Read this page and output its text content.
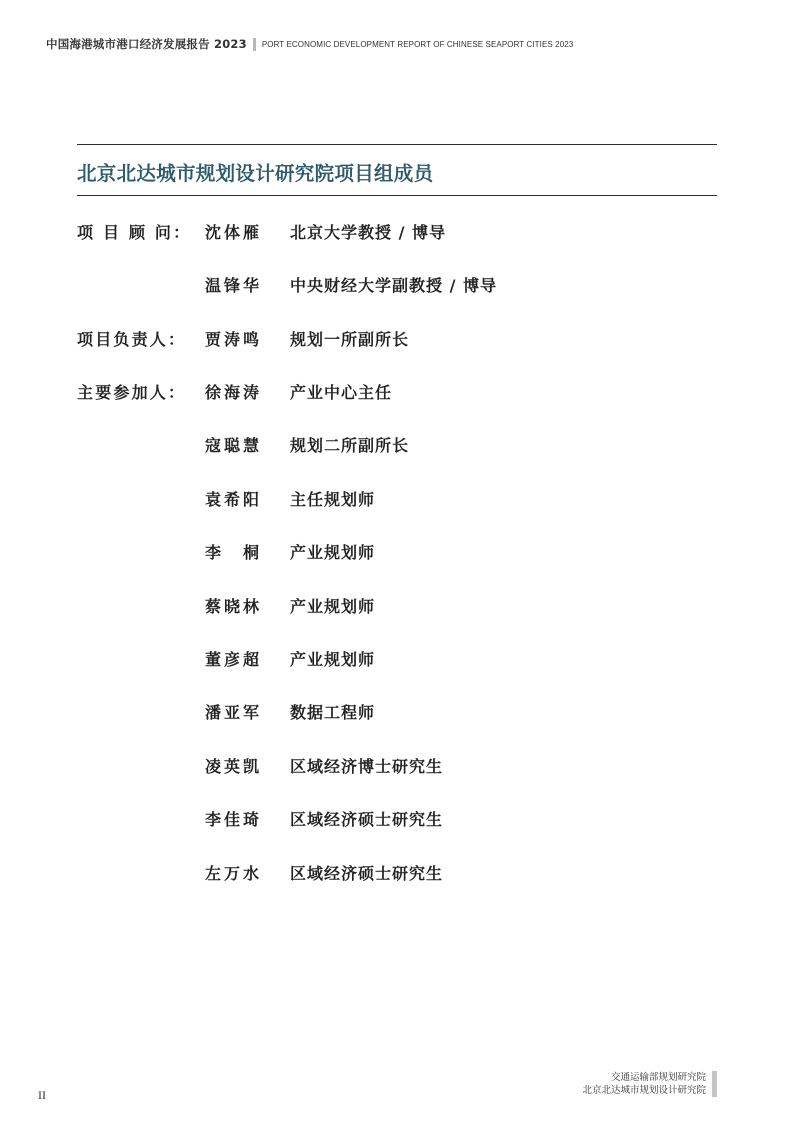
中国海港城市港口经济发展报告 2023 PORT ECONOMIC DEVELOPMENT REPORT OF CHINESE SEAPORT CITIES 2023
北京北达城市规划设计研究院项目组成员
项 目 顾 问： 沈体雁 北京大学教授 / 博导
温锋华 中央财经大学副教授 / 博导
项目负责人： 贾涛鸣 规划一所副所长
主要参加人： 徐海涛 产业中心主任
寇聪慧 规划二所副所长
袁希阳 主任规划师
李　桐 产业规划师
蔡晓林 产业规划师
董彦超 产业规划师
潘亚军 数据工程师
凌英凯 区域经济博士研究生
李佳琦 区域经济硕士研究生
左万水 区域经济硕士研究生
交通运输部规划研究院
北京北达城市规划设计研究院
II
